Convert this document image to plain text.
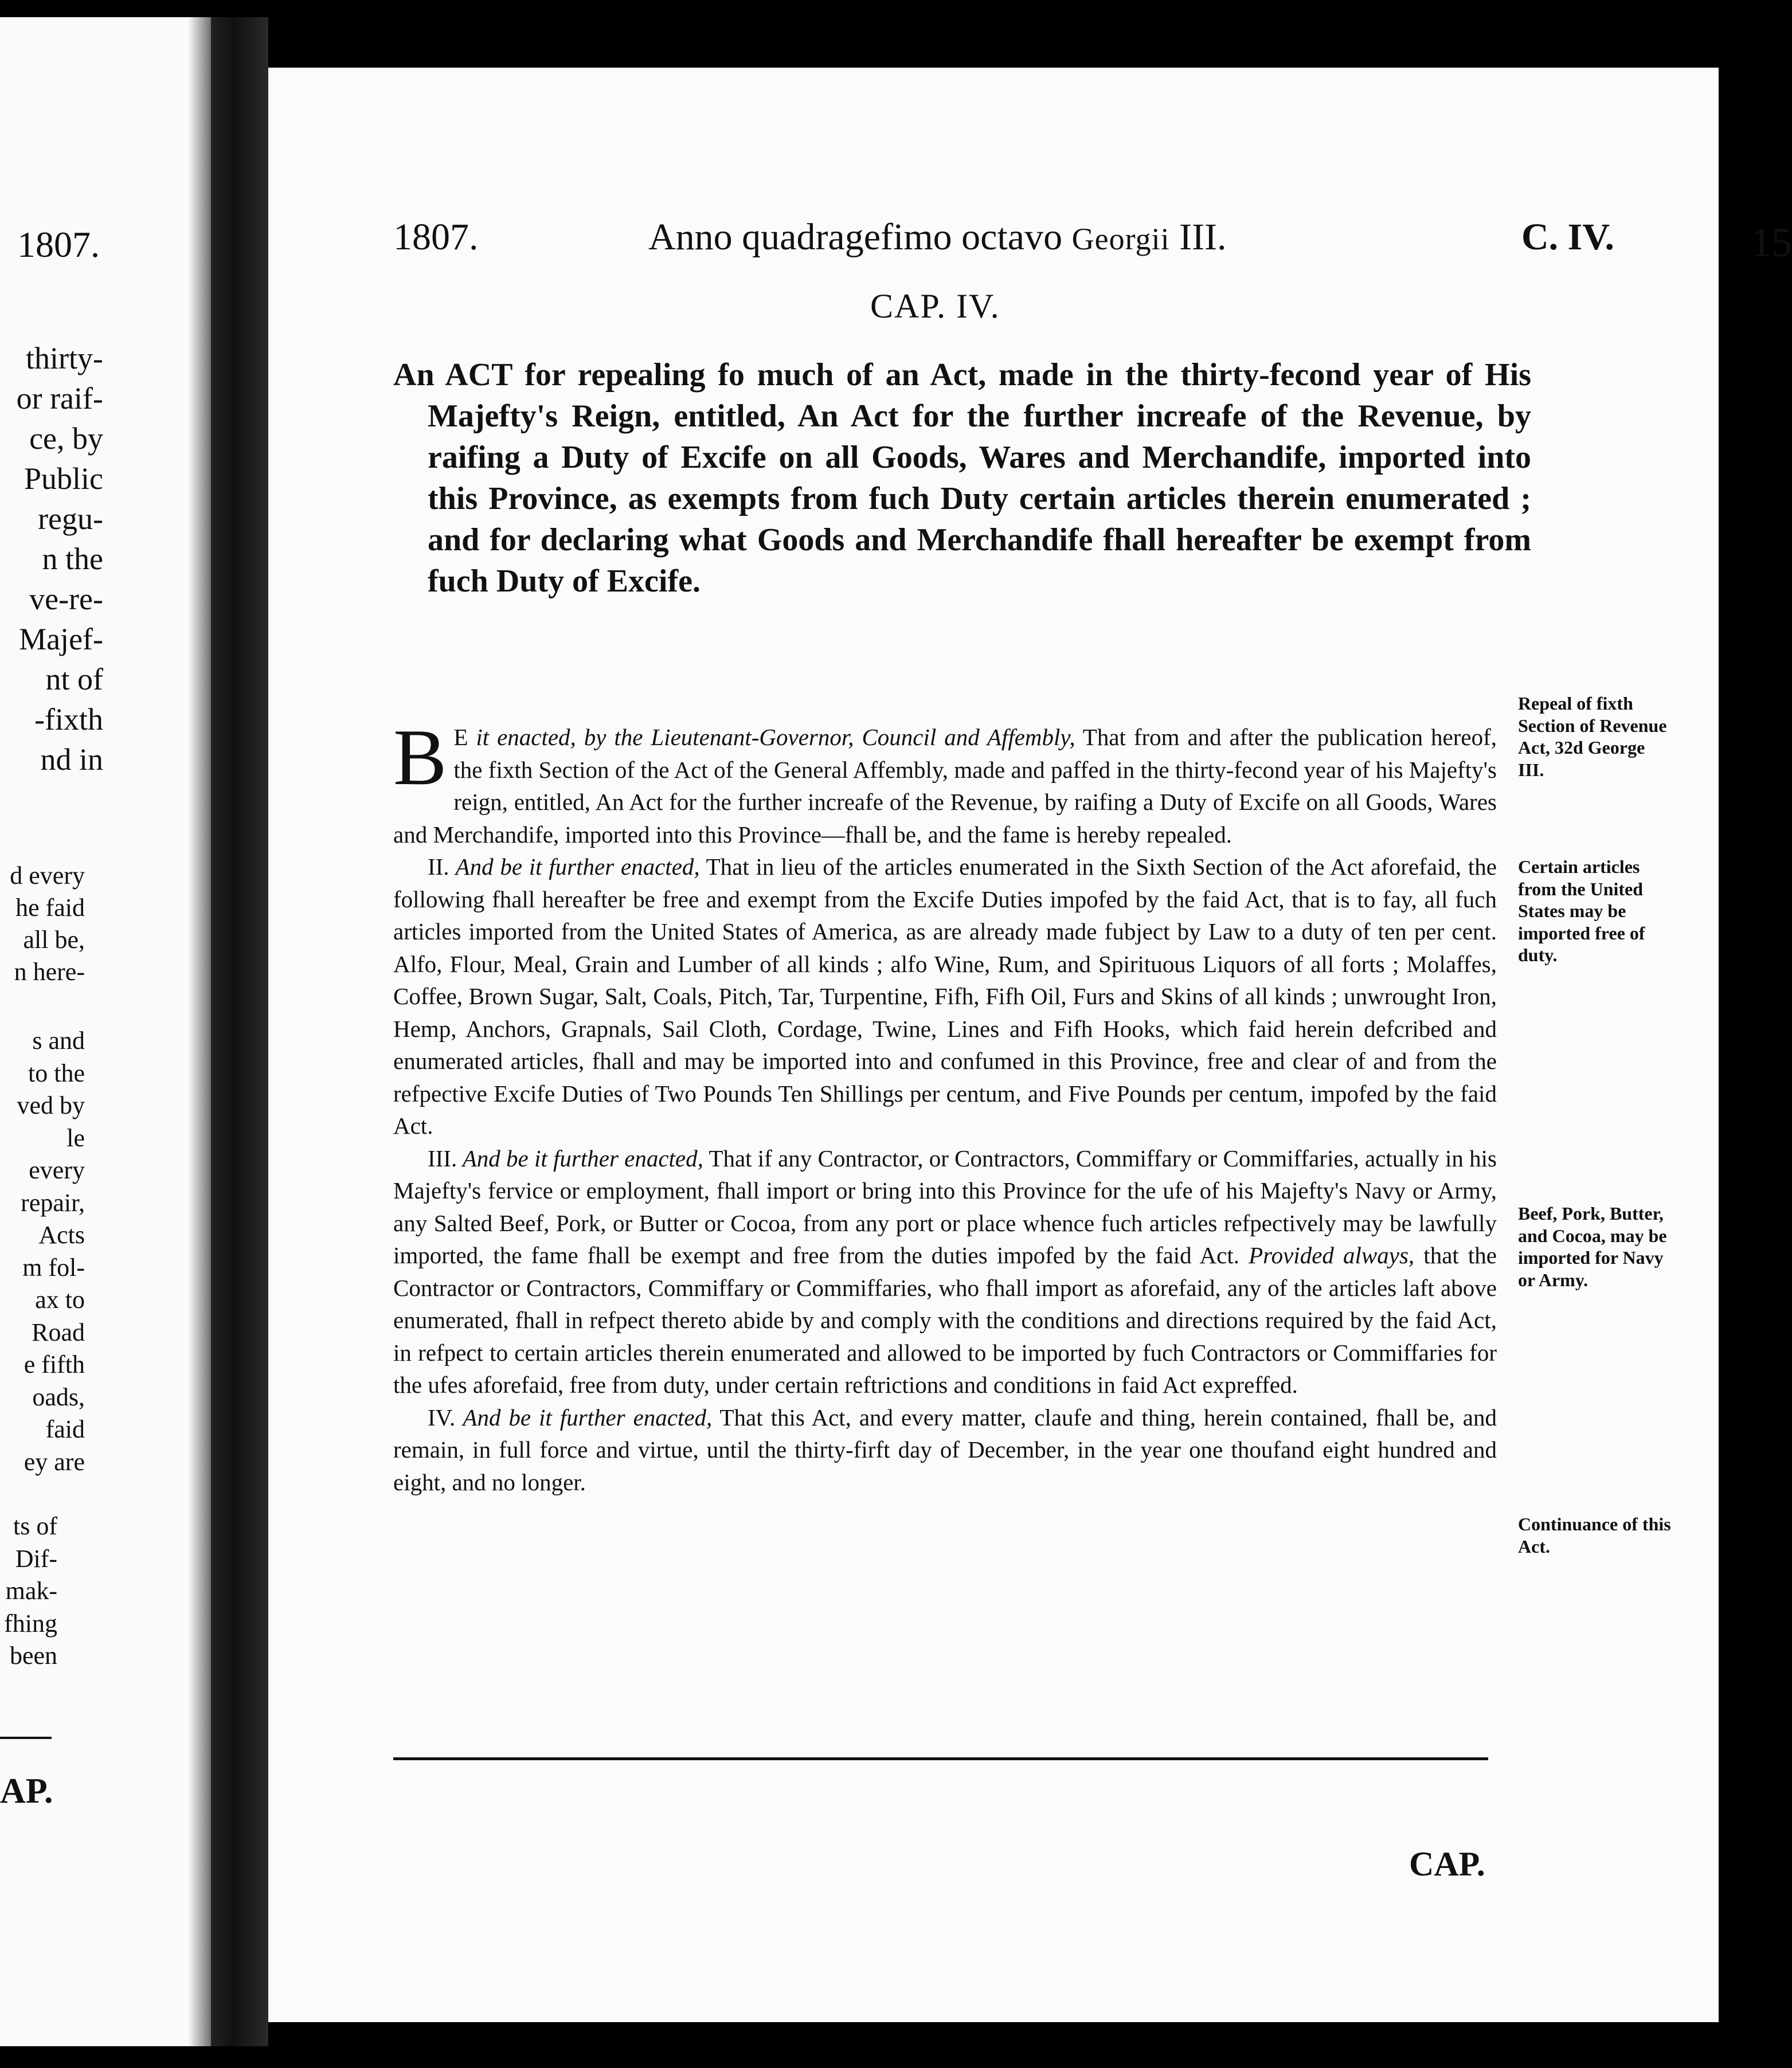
1807.
thirty-
or raif-
ce, by
Public
regu-
n the
ve-re-
Majef-
nt of
-fixth
nd in
d every
he faid
all be,
n here-
s and
to the
ved by
le
every
repair,
Acts
m fol-
ax to
Road
e fifth
oads,
faid
ey are
ts of
Dif-
mak-
fhing
been
AP.
1807.	Anno quadragefimo octavo Georgii III.	C. IV.	15
CAP. IV.
An ACT for repealing fo much of an Act, made in the thirty-fecond year of His Majefty's Reign, entitled, An Act for the further increafe of the Revenue, by raifing a Duty of Excife on all Goods, Wares and Merchandife, imported into this Province, as exempts from fuch Duty certain articles therein enumerated ; and for declaring what Goods and Merchandife fhall hereafter be exempt from fuch Duty of Excife.

B E it enacted, by the Lieutenant-Governor, Council and Affembly, That from and after the publication hereof, the fixth Section of the Act of the General Affembly, made and paffed in the thirty-fecond year of his Majefty's reign, entitled, An Act for the further increafe of the Revenue, by raifing a Duty of Excife on all Goods, Wares and Merchandife, imported into this Province—fhall be, and the fame is hereby repealed.

II. And be it further enacted, That in lieu of the articles enumerated in the Sixth Section of the Act aforefaid, the following fhall hereafter be free and exempt from the Excife Duties impofed by the faid Act, that is to fay, all fuch articles imported from the United States of America, as are already made fubject by Law to a duty of ten per cent. Alfo, Flour, Meal, Grain and Lumber of all kinds ; alfo Wine, Rum, and Spirituous Liquors of all forts ; Molaffes, Coffee, Brown Sugar, Salt, Coals, Pitch, Tar, Turpentine, Fifh, Fifh Oil, Furs and Skins of all kinds ; unwrought Iron, Hemp, Anchors, Grapnals, Sail Cloth, Cordage, Twine, Lines and Fifh Hooks, which faid herein defcribed and enumerated articles, fhall and may be imported into and confumed in this Province, free and clear of and from the refpective Excife Duties of Two Pounds Ten Shillings per centum, and Five Pounds per centum, impofed by the faid Act.

III. And be it further enacted, That if any Contractor, or Contractors, Commiffary or Commiffaries, actually in his Majefty's fervice or employment, fhall import or bring into this Province for the ufe of his Majefty's Navy or Army, any Salted Beef, Pork, or Butter or Cocoa, from any port or place whence fuch articles refpectively may be lawfully imported, the fame fhall be exempt and free from the duties impofed by the faid Act. Provided always, that the Contractor or Contractors, Commiffary or Commiffaries, who fhall import as aforefaid, any of the articles laft above enumerated, fhall in refpect thereto abide by and comply with the conditions and directions required by the faid Act, in refpect to certain articles therein enumerated and allowed to be imported by fuch Contractors or Commiffaries for the ufes aforefaid, free from duty, under certain reftrictions and conditions in faid Act expreffed.

IV. And be it further enacted, That this Act, and every matter, claufe and thing, herein contained, fhall be, and remain, in full force and virtue, until the thirty-firft day of December, in the year one thoufand eight hundred and eight, and no longer.

Repeal of fixth Section of Revenue Act, 32d George III.
Certain articles from the United States may be imported free of duty.
Beef, Pork, Butter, and Cocoa, may be imported for Navy or Army.
Continuance of this Act.
CAP.
